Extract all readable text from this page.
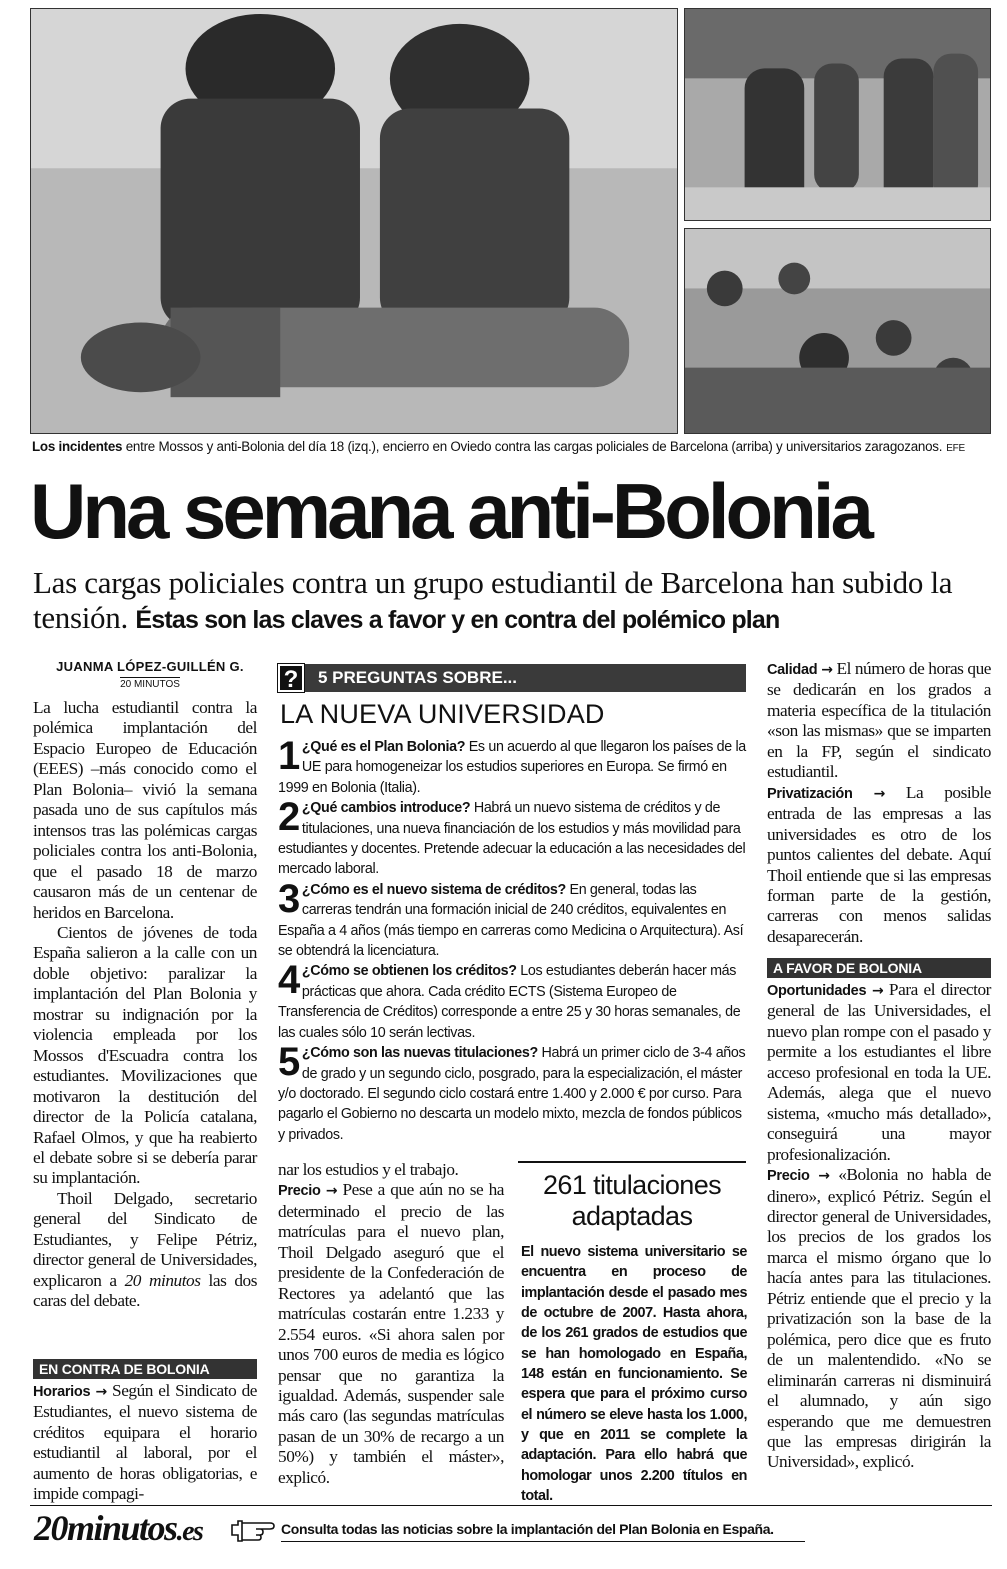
Los incidentes entre Mossos y anti-Bolonia del día 18 (izq.), encierro en Oviedo contra las cargas policiales de Barcelona (arriba) y universitarios zaragozanos. EFE
Una semana anti-Bolonia
Las cargas policiales contra un grupo estudiantil de Barcelona han subido la tensión. Éstas son las claves a favor y en contra del polémico plan
JUANMA LÓPEZ-GUILLÉN G.
20 MINUTOS

La lucha estudiantil contra la polémica implantación del Espacio Europeo de Educación (EEES) –más conocido como el Plan Bolonia– vivió la semana pasada uno de sus capítulos más intensos tras las polémicas cargas policiales contra los anti-Bolonia, que el pasado 18 de marzo causaron más de un centenar de heridos en Barcelona.

Cientos de jóvenes de toda España salieron a la calle con un doble objetivo: paralizar la implantación del Plan Bolonia y mostrar su indignación por la violencia empleada por los Mossos d'Escuadra contra los estudiantes. Movilizaciones que motivaron la destitución del director de la Policía catalana, Rafael Olmos, y que ha reabierto el debate sobre si se debería parar su implantación.

Thoil Delgado, secretario general del Sindicato de Estudiantes, y Felipe Pétriz, director general de Universidades, explicaron a 20 minutos las dos caras del debate.

EN CONTRA DE BOLONIA

Horarios → Según el Sindicato de Estudiantes, el nuevo sistema de créditos equipara el horario estudiantil al laboral, por el aumento de horas obligatorias, e impide compagi-

5 PREGUNTAS SOBRE...
?
LA NUEVA UNIVERSIDAD
1 ¿Qué es el Plan Bolonia? Es un acuerdo al que llegaron los países de la UE para homogeneizar los estudios superiores en Europa. Se firmó en 1999 en Bolonia (Italia).
2 ¿Qué cambios introduce? Habrá un nuevo sistema de créditos y de titulaciones, una nueva financiación de los estudios y más movilidad para estudiantes y docentes. Pretende adecuar la educación a las necesidades del mercado laboral.
3 ¿Cómo es el nuevo sistema de créditos? En general, todas las carreras tendrán una formación inicial de 240 créditos, equivalentes en España a 4 años (más tiempo en carreras como Medicina o Arquitectura). Así se obtendrá la licenciatura.
4 ¿Cómo se obtienen los créditos? Los estudiantes deberán hacer más prácticas que ahora. Cada crédito ECTS (Sistema Europeo de Transferencia de Créditos) corresponde a entre 25 y 30 horas semanales, de las cuales sólo 10 serán lectivas.
5 ¿Cómo son las nuevas titulaciones? Habrá un primer ciclo de 3-4 años de grado y un segundo ciclo, posgrado, para la especialización, el máster y/o doctorado. El segundo ciclo costará entre 1.400 y 2.000 € por curso. Para pagarlo el Gobierno no descarta un modelo mixto, mezcla de fondos públicos y privados.

nar los estudios y el trabajo.

Precio → Pese a que aún no se ha determinado el precio de las matrículas para el nuevo plan, Thoil Delgado aseguró que el presidente de la Confederación de Rectores ya adelantó que las matrículas costarán entre 1.233 y 2.554 euros. «Si ahora salen por unos 700 euros de media es lógico pensar que no garantiza la igualdad. Además, suspender sale más caro (las segundas matrículas pasan de un 30% de recargo a un 50%) y también el máster», explicó.

261 titulaciones adaptadas
El nuevo sistema universitario se encuentra en proceso de implantación desde el pasado mes de octubre de 2007. Hasta ahora, de los 261 grados de estudios que se han homologado en España, 148 están en funcionamiento. Se espera que para el próximo curso el número se eleve hasta los 1.000, y que en 2011 se complete la adaptación. Para ello habrá que homologar unos 2.200 títulos en total.

Calidad → El número de horas que se dedicarán en los grados a materia específica de la titulación «son las mismas» que se imparten en la FP, según el sindicato estudiantil.

Privatización → La posible entrada de las empresas a las universidades es otro de los puntos calientes del debate. Aquí Thoil entiende que si las empresas forman parte de la gestión, carreras con menos salidas desaparecerán.

A FAVOR DE BOLONIA

Oportunidades → Para el director general de las Universidades, el nuevo plan rompe con el pasado y permite a los estudiantes el libre acceso profesional en toda la UE. Además, alega que el nuevo sistema, «mucho más detallado», conseguirá una mayor profesionalización.

Precio → «Bolonia no habla de dinero», explicó Pétriz. Según el director general de Universidades, los precios de los grados los marca el mismo órgano que lo hacía antes para las titulaciones. Pétriz entiende que el precio y la privatización son la base de la polémica, pero dice que es fruto de un malentendido. «No se eliminarán carreras ni disminuirá el alumnado, y aún sigo esperando que me demuestren que las empresas dirigirán la Universidad», explicó.

20minutos.es	Consulta todas las noticias sobre la implantación del Plan Bolonia en España.
